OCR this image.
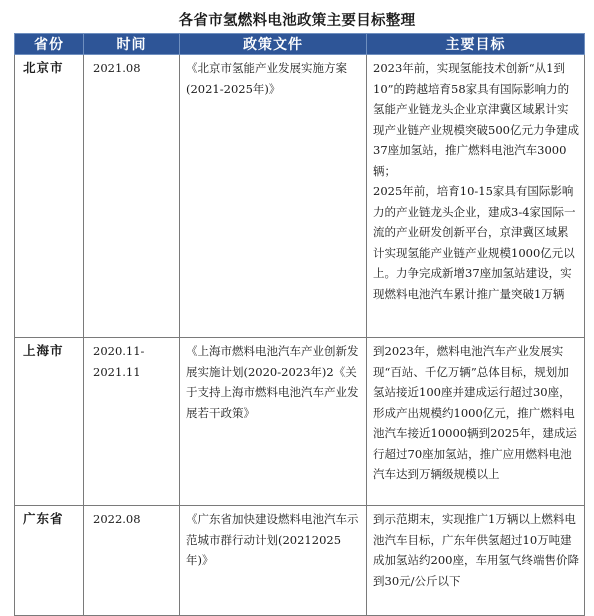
各省市氢燃料电池政策主要目标整理
省份	时间	政策文件	主要目标
北京市	2021.08	《北京市氢能产业发展实施方案(2021-2025年)》	2023年前，实现氢能技术创新“从1到10”的跨越培育58家具有国际影响力的氢能产业链龙头企业京津冀区域累计实现产业链产业规模突破500亿元力争建成37座加氢站，推广燃料电池汽车3000辆；
2025年前，培育10-15家具有国际影响力的产业链龙头企业，建成3-4家国际一流的产业研发创新平台，京津冀区域累计实现氢能产业链产业规模1000亿元以上。力争完成新增37座加氢站建设，实现燃料电池汽车累计推广量突破1万辆

上海市	2020.11-2021.11	《上海市燃料电池汽车产业创新发展实施计划(2020-2023年)2《关于支持上海市燃料电池汽车产业发展若干政策》	到2023年，燃料电池汽车产业发展实现“百站、千亿万辆”总体目标，规划加氢站接近100座并建成运行超过30座，形成产出规模约1000亿元，推广燃料电池汽车接近10000辆到2025年，建成运行超过70座加氢站，推广应用燃料电池汽车达到万辆级规模以上

广东省	2022.08	《广东省加快建设燃料电池汽车示范城市群行动计划(20212025年)》	到示范期末，实现推广1万辆以上燃料电池汽车目标，广东年供氢超过10万吨建成加氢站约200座，车用氢气终端售价降到30元/公斤以下
